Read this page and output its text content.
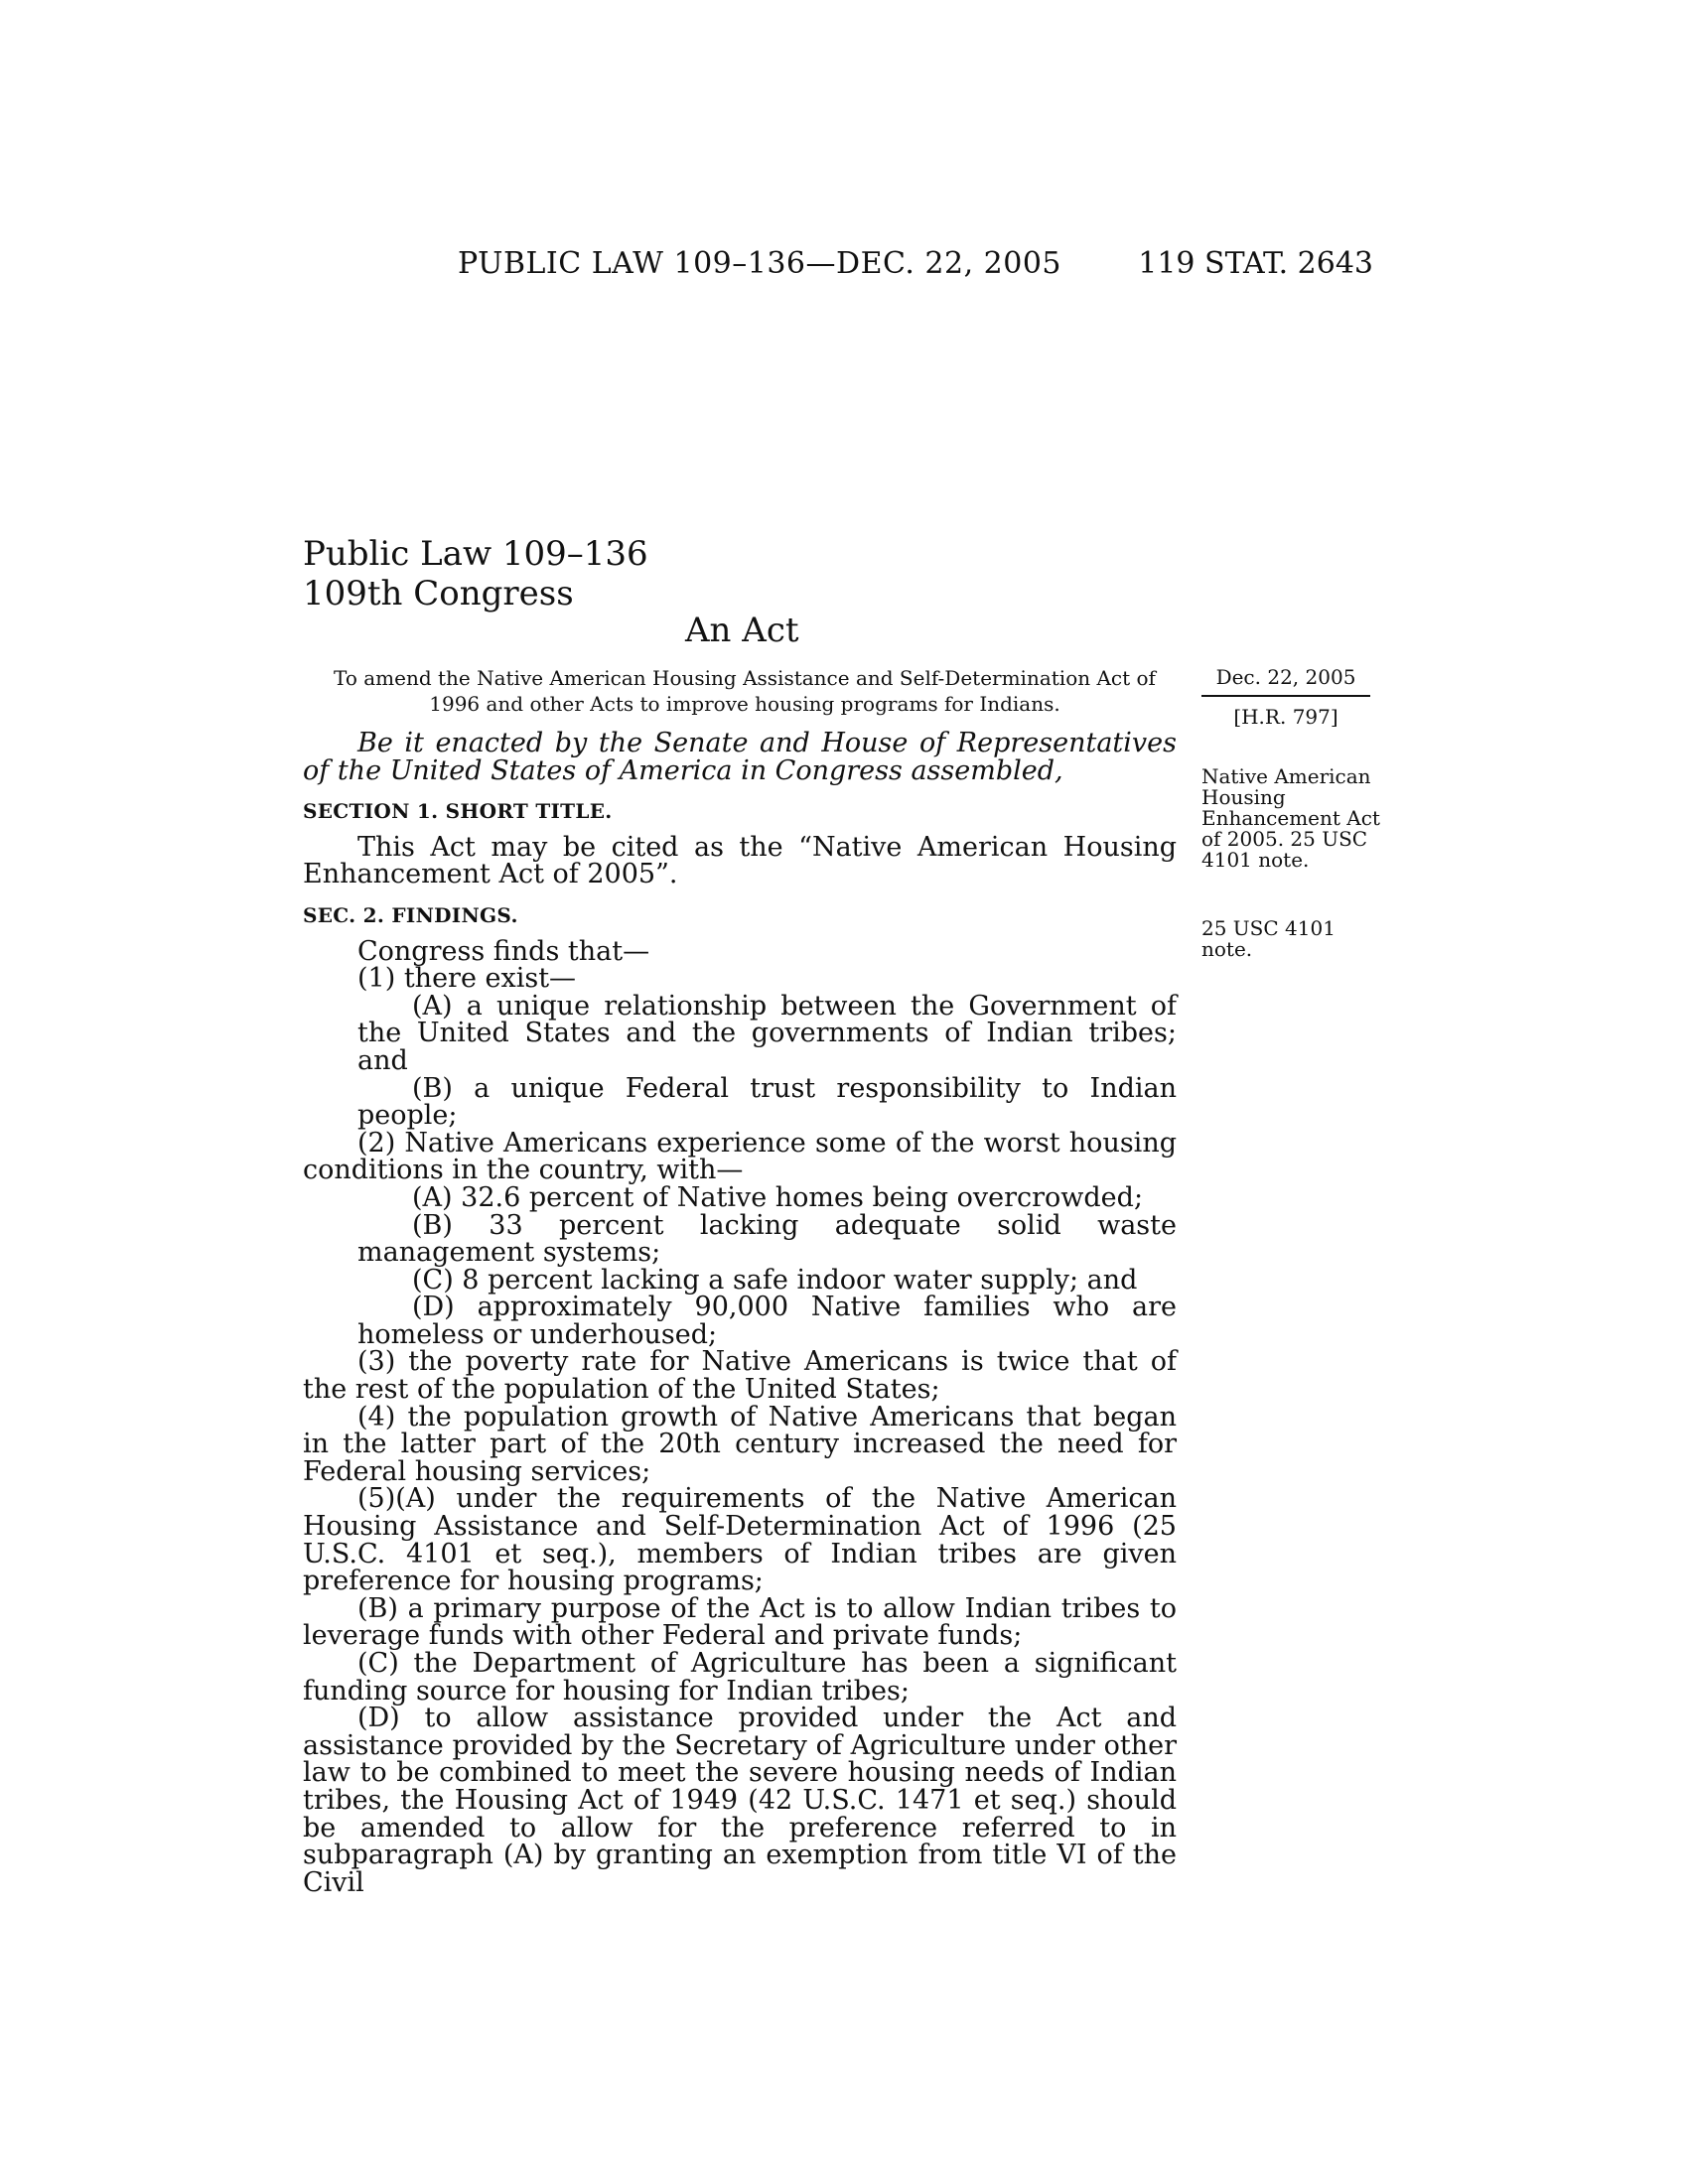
PUBLIC LAW 109–136—DEC. 22, 2005	119 STAT. 2643
Public Law 109–136
109th Congress
An Act
To amend the Native American Housing Assistance and Self-Determination Act of 1996 and other Acts to improve housing programs for Indians.
Dec. 22, 2005
[H.R. 797]
Native American Housing Enhancement Act of 2005. 25 USC 4101 note.
25 USC 4101 note.

Be it enacted by the Senate and House of Representatives of the United States of America in Congress assembled,

SECTION 1. SHORT TITLE.

This Act may be cited as the “Native American Housing Enhancement Act of 2005”.

SEC. 2. FINDINGS.

Congress finds that—

(1) there exist—

(A) a unique relationship between the Government of the United States and the governments of Indian tribes; and

(B) a unique Federal trust responsibility to Indian people;

(2) Native Americans experience some of the worst housing conditions in the country, with—

(A) 32.6 percent of Native homes being overcrowded;

(B) 33 percent lacking adequate solid waste management systems;

(C) 8 percent lacking a safe indoor water supply; and

(D) approximately 90,000 Native families who are homeless or underhoused;

(3) the poverty rate for Native Americans is twice that of the rest of the population of the United States;

(4) the population growth of Native Americans that began in the latter part of the 20th century increased the need for Federal housing services;

(5)(A) under the requirements of the Native American Housing Assistance and Self-Determination Act of 1996 (25 U.S.C. 4101 et seq.), members of Indian tribes are given preference for housing programs;

(B) a primary purpose of the Act is to allow Indian tribes to leverage funds with other Federal and private funds;

(C) the Department of Agriculture has been a significant funding source for housing for Indian tribes;

(D) to allow assistance provided under the Act and assistance provided by the Secretary of Agriculture under other law to be combined to meet the severe housing needs of Indian tribes, the Housing Act of 1949 (42 U.S.C. 1471 et seq.) should be amended to allow for the preference referred to in subparagraph (A) by granting an exemption from title VI of the Civil
